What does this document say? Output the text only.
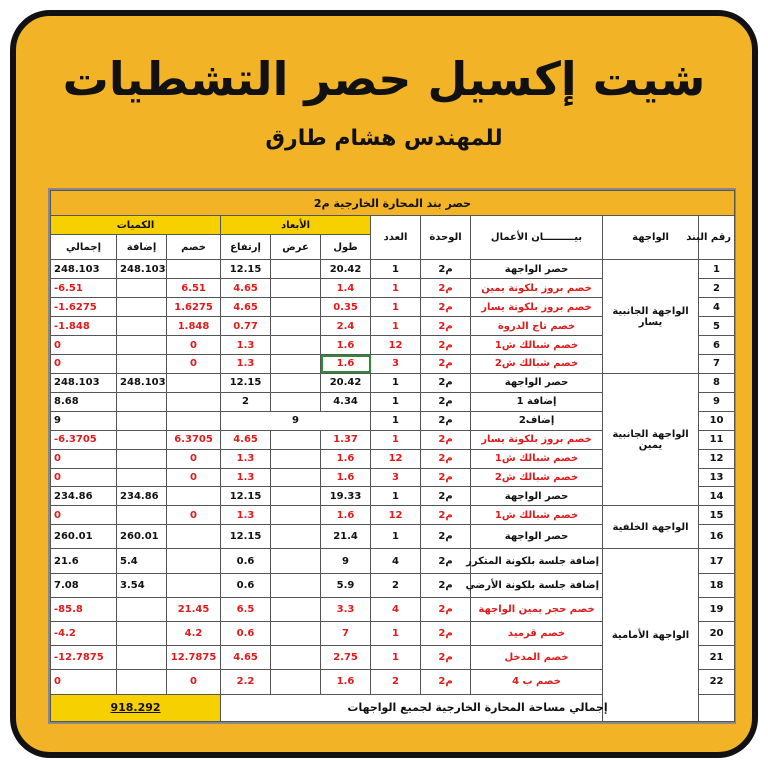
شيت إكسيل حصر التشطيات
للمهندس هشام طارق
حصر بند المحارة الخارجية م2										
رقم البند	الواجهة	بيـــــــــان الأعمال	الوحدة	العدد	الأبعاد			الكميات		
					طول	عرض	إرتفاع	خصم	إضافة	إجمالي
1	الواجهة الجانبية يسار	حصر الواجهة	م2	1	20.42		12.15		248.103	248.103
2		خصم بروز بلكونة يمين	م2	1	1.4		4.65	6.51		-6.51
4		خصم بروز بلكونة يسار	م2	1	0.35		4.65	1.6275		-1.6275
5		خصم تاج الدروة	م2	1	2.4		0.77	1.848		-1.848
6		خصم شبالك ش1	م2	12	1.6		1.3	0		0
7		خصم شبالك ش2	م2	3	1.6		1.3	0		0
8	الواجهة الجانبية يمين	حصر الواجهة	م2	1	20.42		12.15		248.103	248.103
9		إضافة 1	م2	1	4.34		2			8.68
10		إضاف2	م2	1	9					9
11		خصم بروز بلكونة يسار	م2	1	1.37		4.65	6.3705		-6.3705
12		خصم شبالك ش1	م2	12	1.6		1.3	0		0
13		خصم شبالك ش2	م2	3	1.6		1.3	0		0
14		حصر الواجهة	م2	1	19.33		12.15		234.86	234.86
15	الواجهة الخلفية	خصم شبالك ش1	م2	12	1.6		1.3	0		0
16		حصر الواجهة	م2	1	21.4		12.15		260.01	260.01
17	الواجهة الأمامية	إضافة جلسة بلكونة المتكرر	م2	4	9		0.6		5.4	21.6
18		إضافة جلسة بلكونة الأرضي	م2	2	5.9		0.6		3.54	7.08
19		خصم حجر يمين الواجهة	م2	4	3.3		6.5	21.45		-85.8
20		خصم قرميد	م2	1	7		0.6	4.2		-4.2
21		خصم المدخل	م2	1	2.75		4.65	12.7875		-12.7875
22		خصم ب 4	م2	2	1.6		2.2	0		0
إجمالي مساحة المحارة الخارجية لجميع الواجهات								918.292		
